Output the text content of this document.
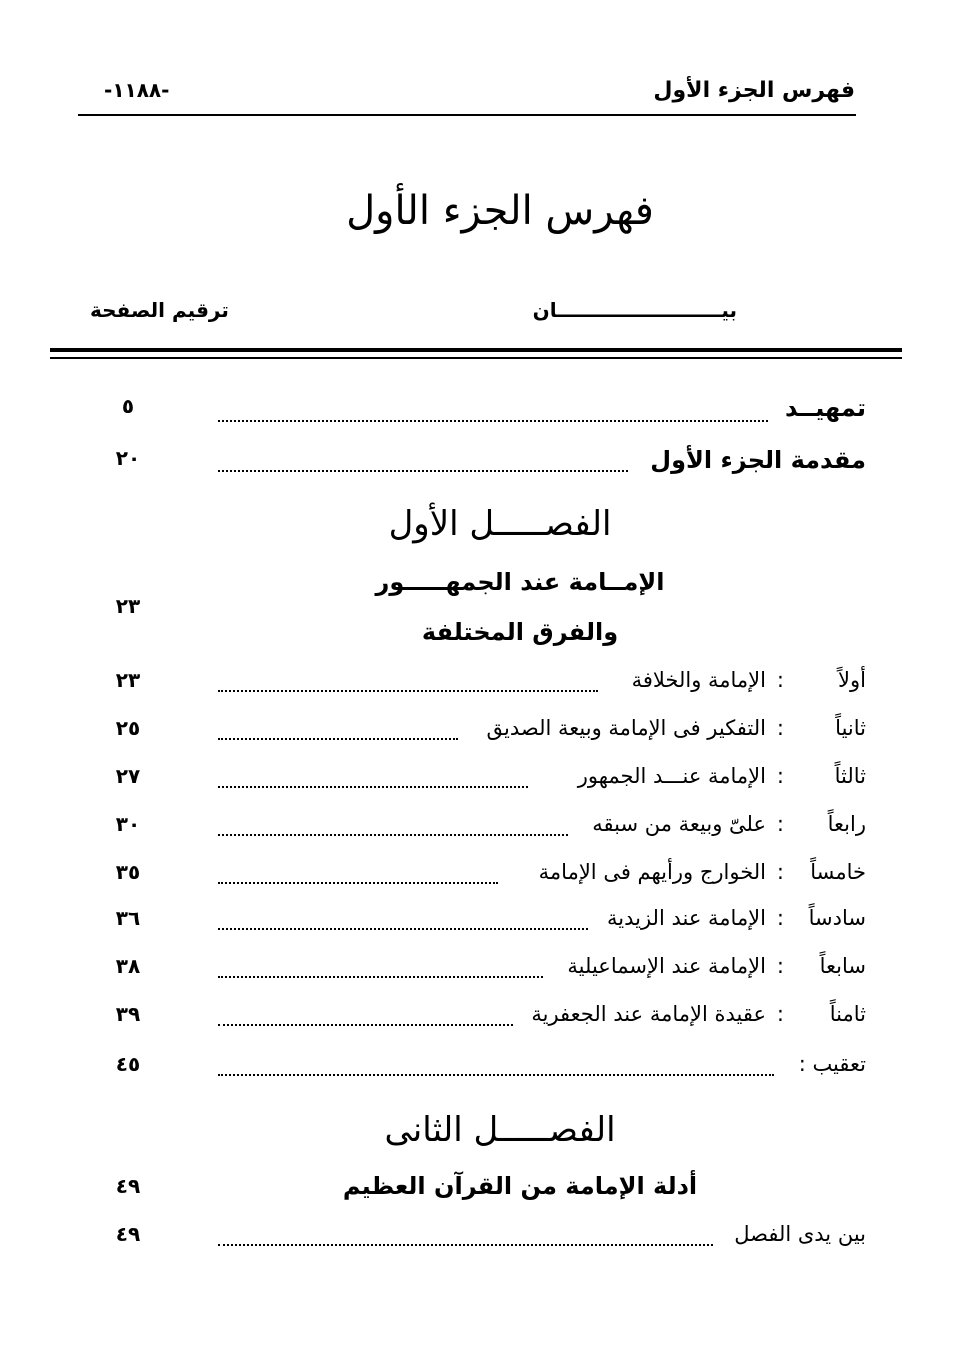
فهرس الجزء الأول
-١١٨٨-
فهرس الجزء الأول
بيــــــــــــــــــــــــان
ترقيم الصفحة
تمهيــد
٥
مقدمة الجزء الأول
٢٠
الفصـــــل الأول
الإمــامة عند الجمهـــــور
والفرق المختلفة
٢٣
أولاً
:
الإمامة والخلافة
٢٣
ثانياً
:
التفكير فى الإمامة وبيعة الصديق
٢٥
ثالثاً
:
الإمامة عنـــد الجمهور
٢٧
رابعاً
:
علىّ وبيعة من سبقه
٣٠
خامساً
:
الخوارج ورأيهم فى الإمامة
٣٥
سادساً
:
الإمامة عند الزيدية
٣٦
سابعاً
:
الإمامة عند الإسماعيلية
٣٨
ثامناً
:
عقيدة الإمامة عند الجعفرية
٣٩
تعقيب :
٤٥
الفصـــــل الثانى
أدلة الإمامة من القرآن العظيم
٤٩
بين يدى الفصل
٤٩
